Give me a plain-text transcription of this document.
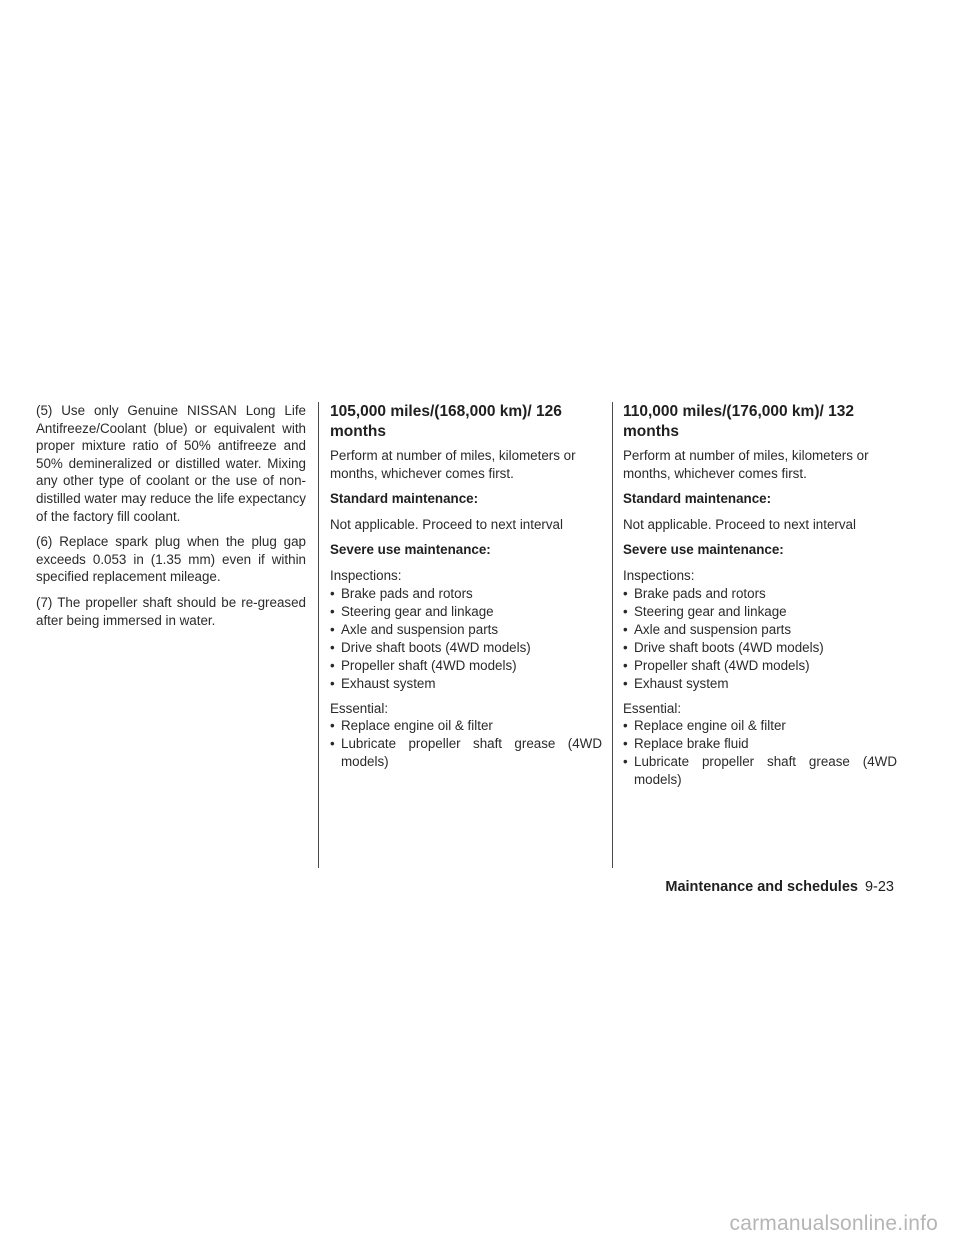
(5) Use only Genuine NISSAN Long Life Antifreeze/Coolant (blue) or equivalent with proper mixture ratio of 50% antifreeze and 50% demineralized or distilled water. Mixing any other type of coolant or the use of non-distilled water may reduce the life expectancy of the factory fill coolant.

(6) Replace spark plug when the plug gap exceeds 0.053 in (1.35 mm) even if within specified replacement mileage.

(7) The propeller shaft should be re-greased after being immersed in water.

105,000 miles/(168,000 km)/ 126 months

Perform at number of miles, kilometers or months, whichever comes first.

Standard maintenance:

Not applicable. Proceed to next interval

Severe use maintenance:

Inspections:

• Brake pads and rotors
• Steering gear and linkage
• Axle and suspension parts
• Drive shaft boots (4WD models)
• Propeller shaft (4WD models)
• Exhaust system

Essential:

• Replace engine oil & filter
• Lubricate propeller shaft grease (4WD models)
110,000 miles/(176,000 km)/ 132 months

Perform at number of miles, kilometers or months, whichever comes first.

Standard maintenance:

Not applicable. Proceed to next interval

Severe use maintenance:

Inspections:

• Brake pads and rotors
• Steering gear and linkage
• Axle and suspension parts
• Drive shaft boots (4WD models)
• Propeller shaft (4WD models)
• Exhaust system

Essential:

• Replace engine oil & filter
• Replace brake fluid
• Lubricate propeller shaft grease (4WD models)
Maintenance and schedules 9-23
carmanualsonline.info
